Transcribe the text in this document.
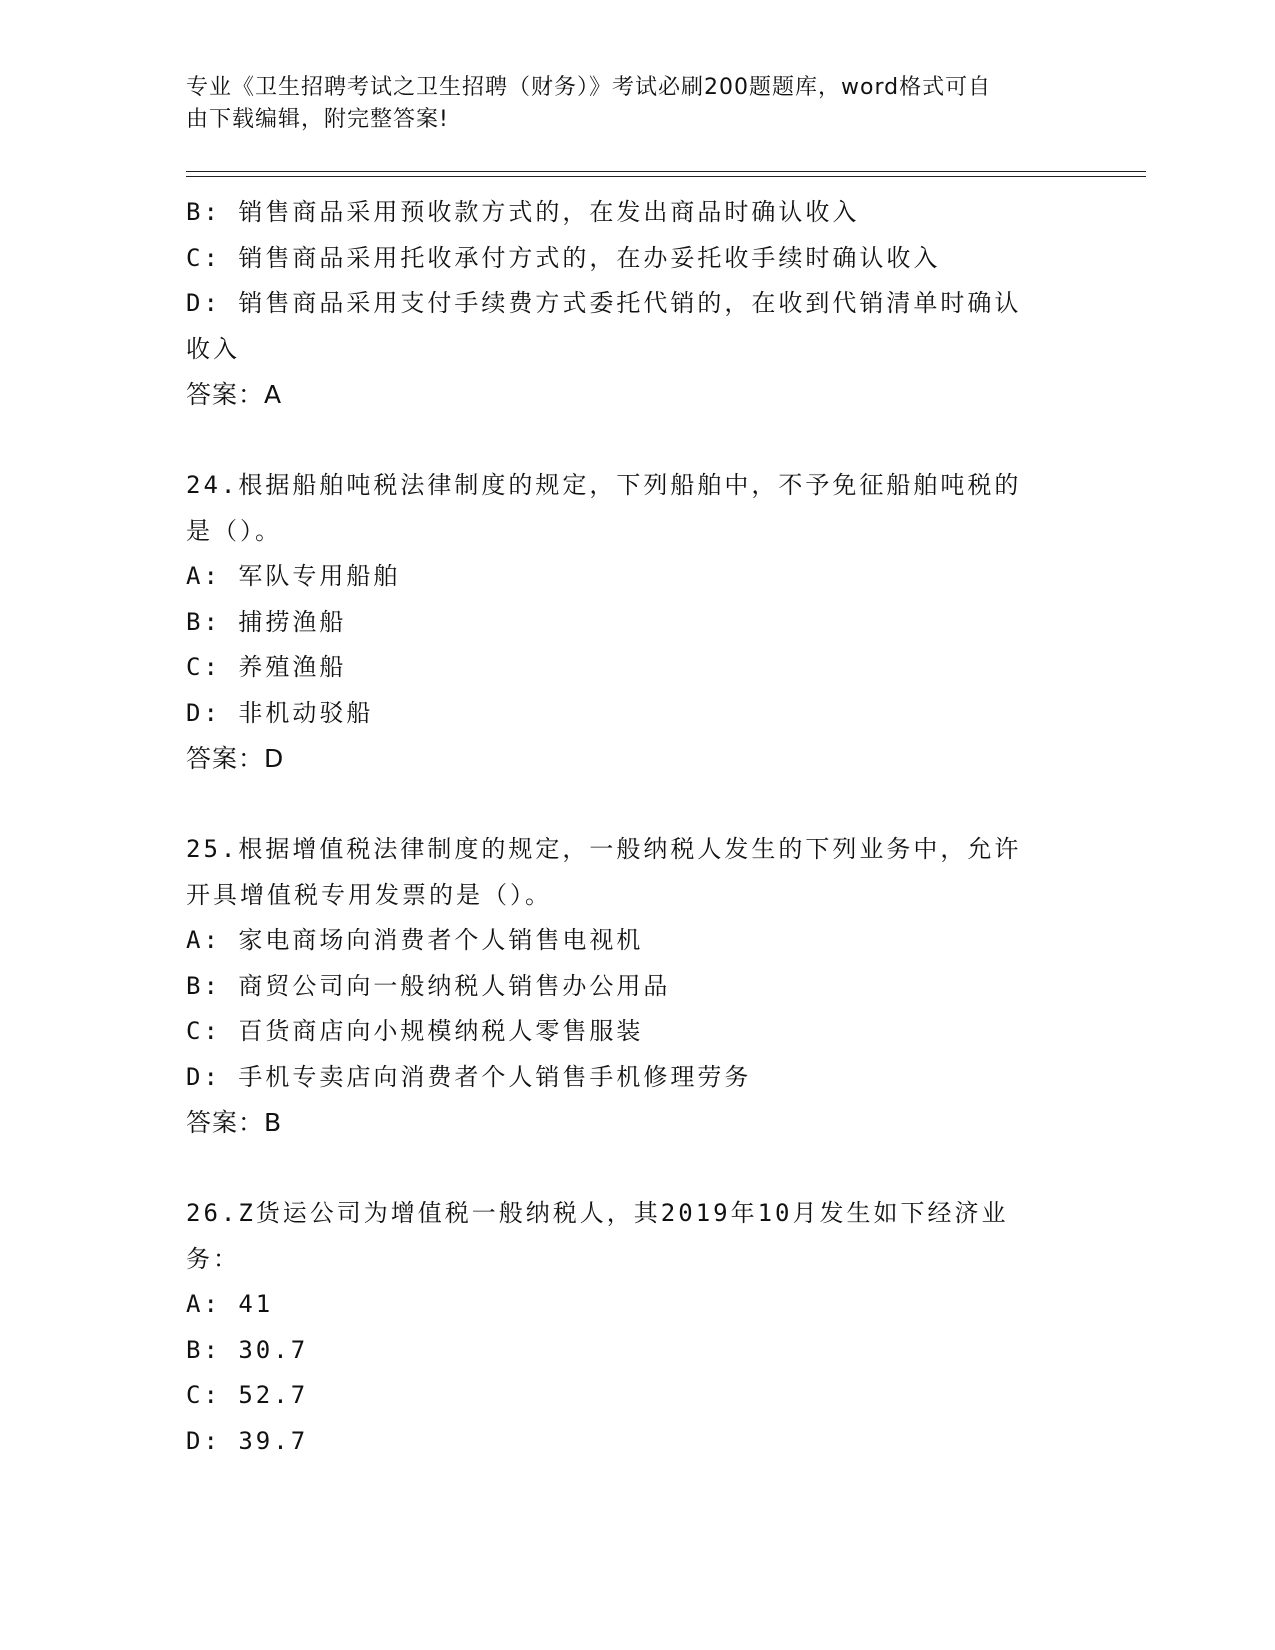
专业《卫生招聘考试之卫生招聘（财务）》考试必刷200题题库，word格式可自
由下载编辑，附完整答案!
B: 销售商品采用预收款方式的，在发出商品时确认收入
C: 销售商品采用托收承付方式的，在办妥托收手续时确认收入
D: 销售商品采用支付手续费方式委托代销的，在收到代销清单时确认
收入
答案：A
24.根据船舶吨税法律制度的规定，下列船舶中，不予免征船舶吨税的
是（）。
A: 军队专用船舶
B: 捕捞渔船
C: 养殖渔船
D: 非机动驳船
答案：D
25.根据增值税法律制度的规定，一般纳税人发生的下列业务中，允许
开具增值税专用发票的是（）。
A: 家电商场向消费者个人销售电视机
B: 商贸公司向一般纳税人销售办公用品
C: 百货商店向小规模纳税人零售服装
D: 手机专卖店向消费者个人销售手机修理劳务
答案：B
26.Z货运公司为增值税一般纳税人，其2019年10月发生如下经济业
务：
A: 41
B: 30.7
C: 52.7
D: 39.7
